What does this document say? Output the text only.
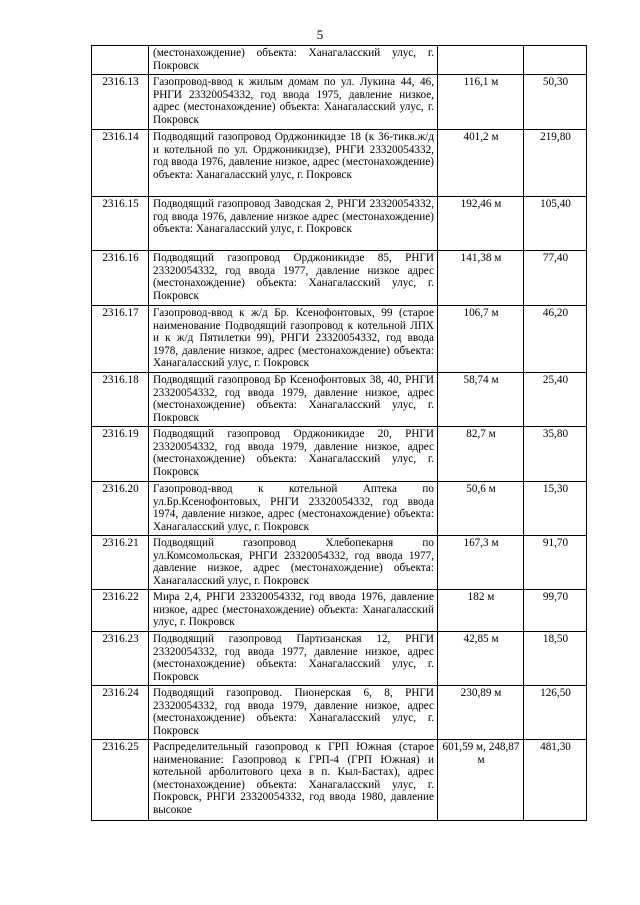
5
	(местонахождение) объекта: Ханагаласский улус, г. Покровск		
2316.13	Газопровод-ввод к жилым домам по ул. Лукина 44, 46, РНГИ 23320054332, год ввода 1975, давление низкое, адрес (местонахождение) объекта: Ханагаласский улус, г. Покровск	116,1 м	50,30
2316.14	Подводящий газопровод Орджоникидзе 18 (к 36-тикв.ж/д и котельной по ул. Орджоникидзе), РНГИ 23320054332, год ввода 1976, давление низкое, адрес (местонахождение) объекта: Ханагаласский улус, г. Покровск	401,2 м	219,80
2316.15	Подводящий газопровод Заводская 2, РНГИ 23320054332, год ввода 1976, давление низкое адрес (местонахождение) объекта: Ханагаласский улус, г. Покровск	192,46 м	105,40
2316.16	Подводящий газопровод Орджоникидзе 85, РНГИ 23320054332, год ввода 1977, давление низкое адрес (местонахождение) объекта: Ханагаласский улус, г. Покровск	141,38 м	77,40
2316.17	Газопровод-ввод к ж/д Бр. Ксенофонтовых, 99 (старое наименование Подводящий газопровод к котельной ЛПХ и к ж/д Пятилетки 99), РНГИ 23320054332, год ввода 1978, давление низкое, адрес (местонахождение) объекта: Ханагаласский улус, г. Покровск	106,7 м	46,20
2316.18	Подводящий газопровод Бр Ксенофонтовых 38, 40, РНГИ 23320054332, год ввода 1979, давление низкое, адрес (местонахождение) объекта: Ханагаласский улус, г. Покровск	58,74 м	25,40
2316.19	Подводящий газопровод Орджоникидзе 20, РНГИ 23320054332, год ввода 1979, давление низкое, адрес (местонахождение) объекта: Ханагаласский улус, г. Покровск	82,7 м	35,80
2316.20	Газопровод-ввод к котельной Аптека по ул.Бр.Ксенофонтовых, РНГИ 23320054332, год ввода 1974, давление низкое, адрес (местонахождение) объекта: Ханагаласский улус, г. Покровск	50,6 м	15,30
2316.21	Подводящий газопровод Хлебопекарня по ул.Комсомольская, РНГИ 23320054332, год ввода 1977, давление низкое, адрес (местонахождение) объекта: Ханагаласский улус, г. Покровск	167,3 м	91,70
2316.22	Мира 2,4, РНГИ 23320054332, год ввода 1976, давление низкое, адрес (местонахождение) объекта: Ханагаласский улус, г. Покровск	182 м	99,70
2316.23	Подводящий газопровод Партизанская 12, РНГИ 23320054332, год ввода 1977, давление низкое, адрес (местонахождение) объекта: Ханагаласский улус, г. Покровск	42,85 м	18,50
2316.24	Подводящий газопровод. Пионерская 6, 8, РНГИ 23320054332, год ввода 1979, давление низкое, адрес (местонахождение) объекта: Ханагаласский улус, г. Покровск	230,89 м	126,50
2316.25	Распределительный газопровод к ГРП Южная (старое наименование: Газопровод к ГРП-4 (ГРП Южная) и котельной арболитового цеха в п. Кыл-Бастах), адрес (местонахождение) объекта: Ханагаласский улус, г. Покровск, РНГИ 23320054332, год ввода 1980, давление высокое	601,59 м, 248,87 м	481,30
